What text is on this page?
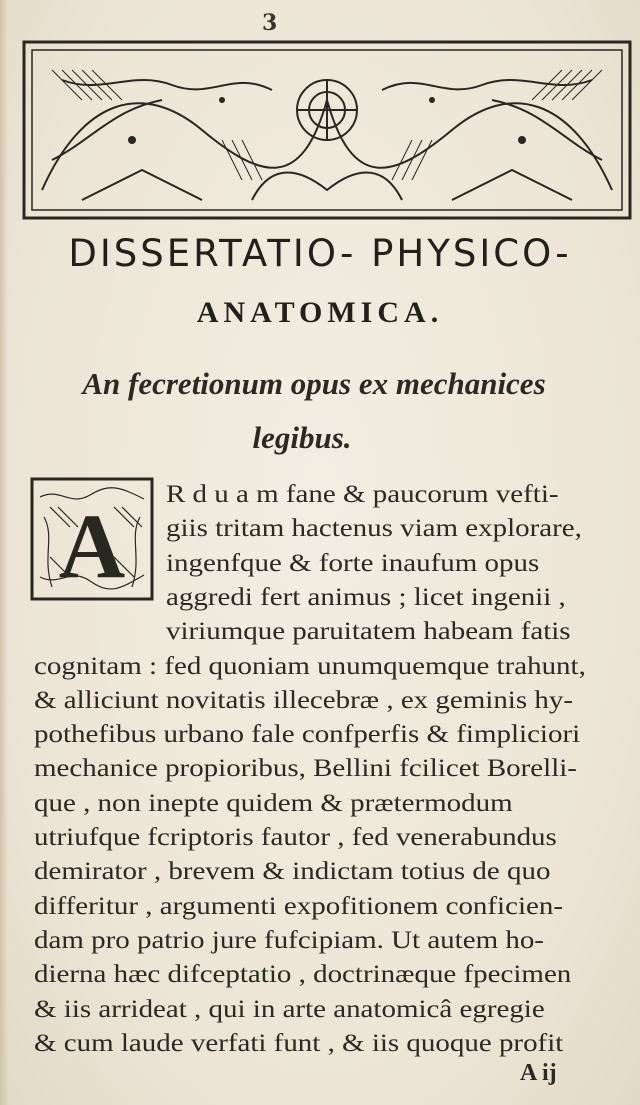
3
DISSERTATIO- PHYSICO-
ANATOMICA.
An fecretionum opus ex mechanices
legibus.
A
R d u a m fane & paucorum vefti-
giis tritam hactenus viam explorare,
ingenfque & forte inaufum opus
aggredi fert animus ; licet ingenii ,
viriumque paruitatem habeam fatis
cognitam : fed quoniam unumquemque trahunt,
& alliciunt novitatis illecebræ , ex geminis hy-
pothefibus urbano fale confperfis & fimpliciori
mechanice propioribus, Bellini fcilicet Borelli-
que , non inepte quidem & prætermodum
utriufque fcriptoris fautor , fed venerabundus
demirator , brevem & indictam totius de quo
differitur , argumenti expofitionem conficien-
dam pro patrio jure fufcipiam. Ut autem ho-
dierna hæc difceptatio , doctrinæque fpecimen
& iis arrideat , qui in arte anatomicâ egregie
& cum laude verfati funt , & iis quoque profit
A ij
